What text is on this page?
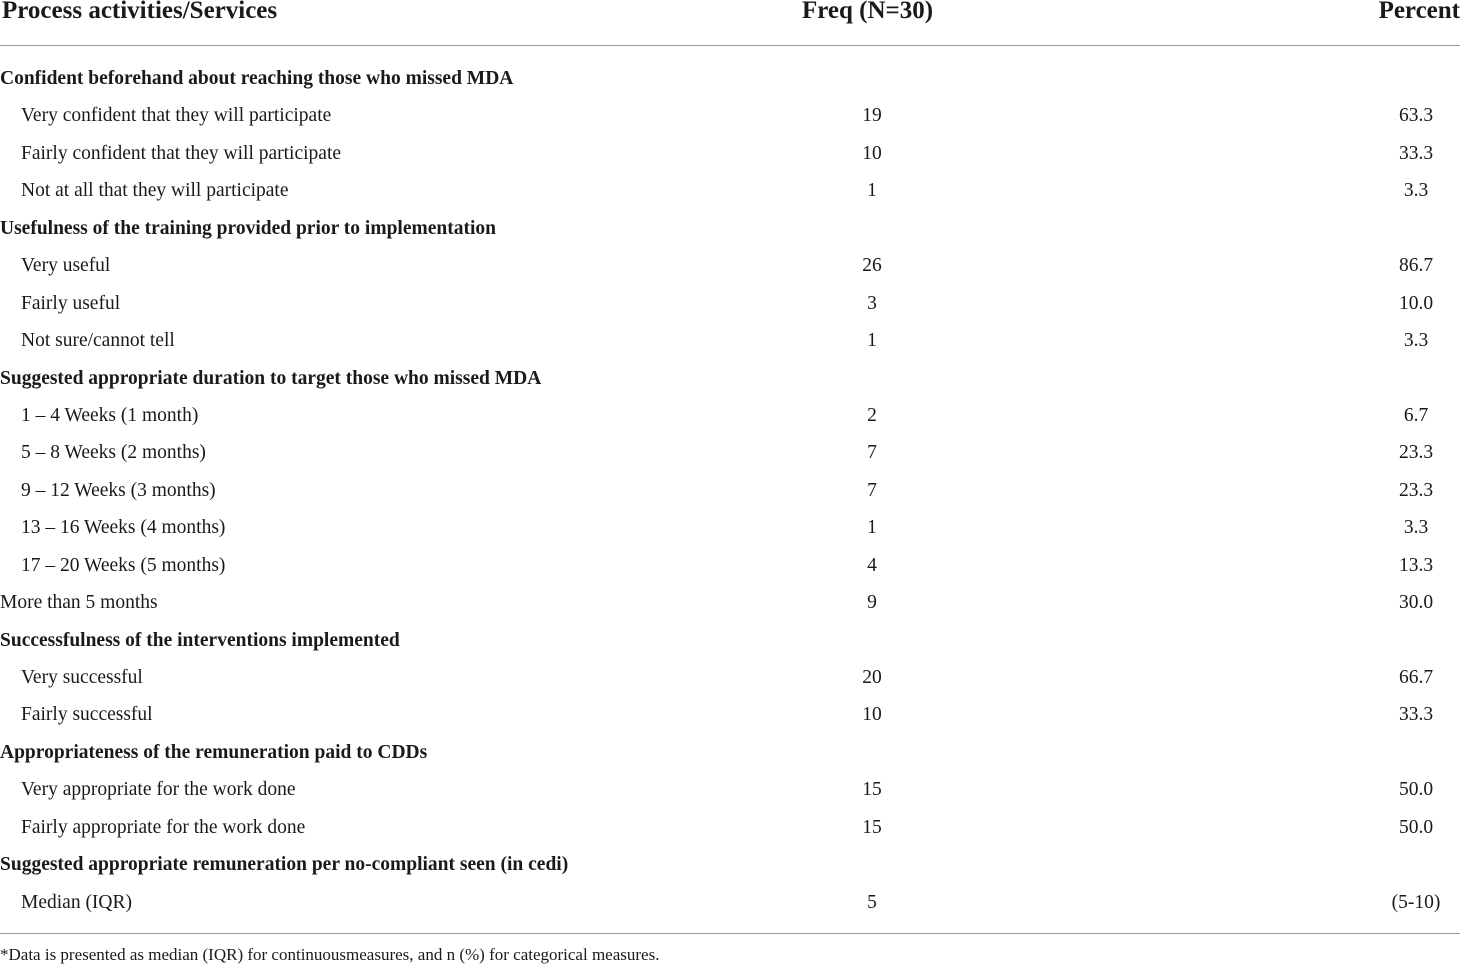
Process activities/Services	Freq (N=30)	Percent
Confident beforehand about reaching those who missed MDA
Very confident that they will participate	19	63.3
Fairly confident that they will participate	10	33.3
Not at all that they will participate	1	3.3
Usefulness of the training provided prior to implementation
Very useful	26	86.7
Fairly useful	3	10.0
Not sure/cannot tell	1	3.3
Suggested appropriate duration to target those who missed MDA
1 – 4 Weeks (1 month)	2	6.7
5 – 8 Weeks (2 months)	7	23.3
9 – 12 Weeks (3 months)	7	23.3
13 – 16 Weeks (4 months)	1	3.3
17 – 20 Weeks (5 months)	4	13.3
More than 5 months	9	30.0
Successfulness of the interventions implemented
Very successful	20	66.7
Fairly successful	10	33.3
Appropriateness of the remuneration paid to CDDs
Very appropriate for the work done	15	50.0
Fairly appropriate for the work done	15	50.0
Suggested appropriate remuneration per no-compliant seen (in cedi)
Median (IQR)	5	(5-10)
*Data is presented as median (IQR) for continuousmeasures, and n (%) for categorical measures.
